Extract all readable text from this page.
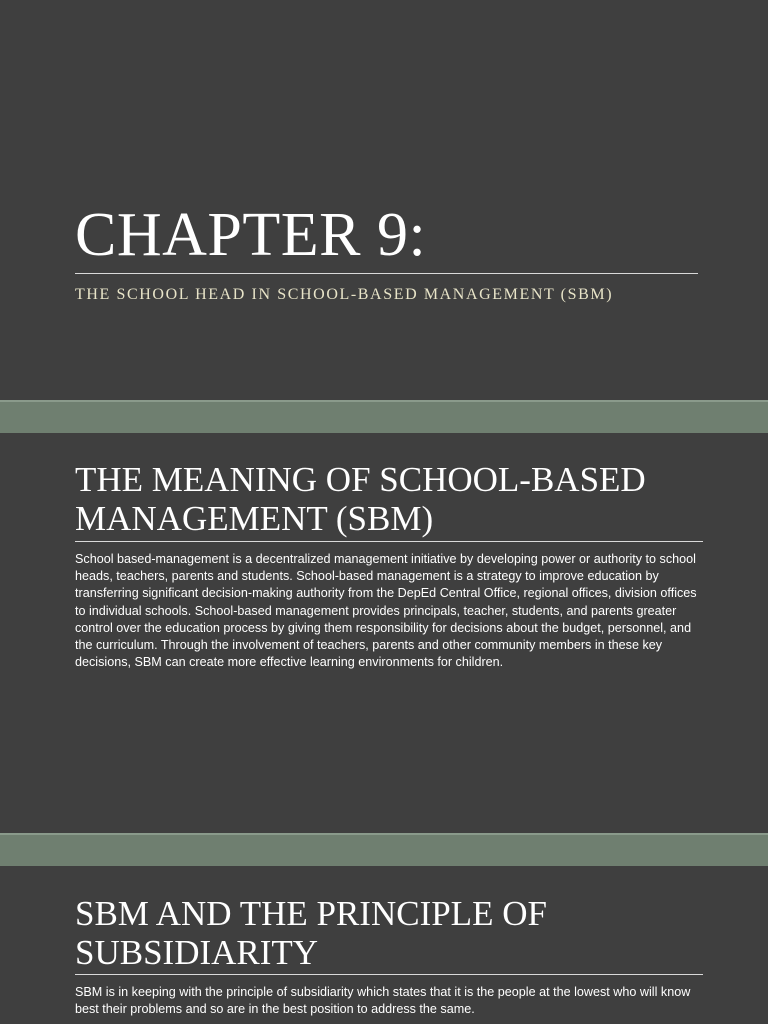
CHAPTER 9:
THE SCHOOL HEAD IN SCHOOL-BASED MANAGEMENT (SBM)
THE MEANING OF SCHOOL-BASED MANAGEMENT (SBM)
School based-management is a decentralized management initiative by developing power or authority to school heads, teachers, parents and students. School-based management is a strategy to improve education by transferring significant decision-making authority from the DepEd Central Office, regional offices, division offices to individual schools. School-based management provides principals, teacher, students, and parents greater control over the education process by giving them responsibility for decisions about the budget, personnel, and the curriculum. Through the involvement of teachers, parents and other community members in these key decisions, SBM can create more effective learning environments for children.
SBM AND THE PRINCIPLE OF SUBSIDIARITY
SBM is in keeping with the principle of subsidiarity which states that it is the people at the lowest who will know best their problems and so are in the best position to address the same.
